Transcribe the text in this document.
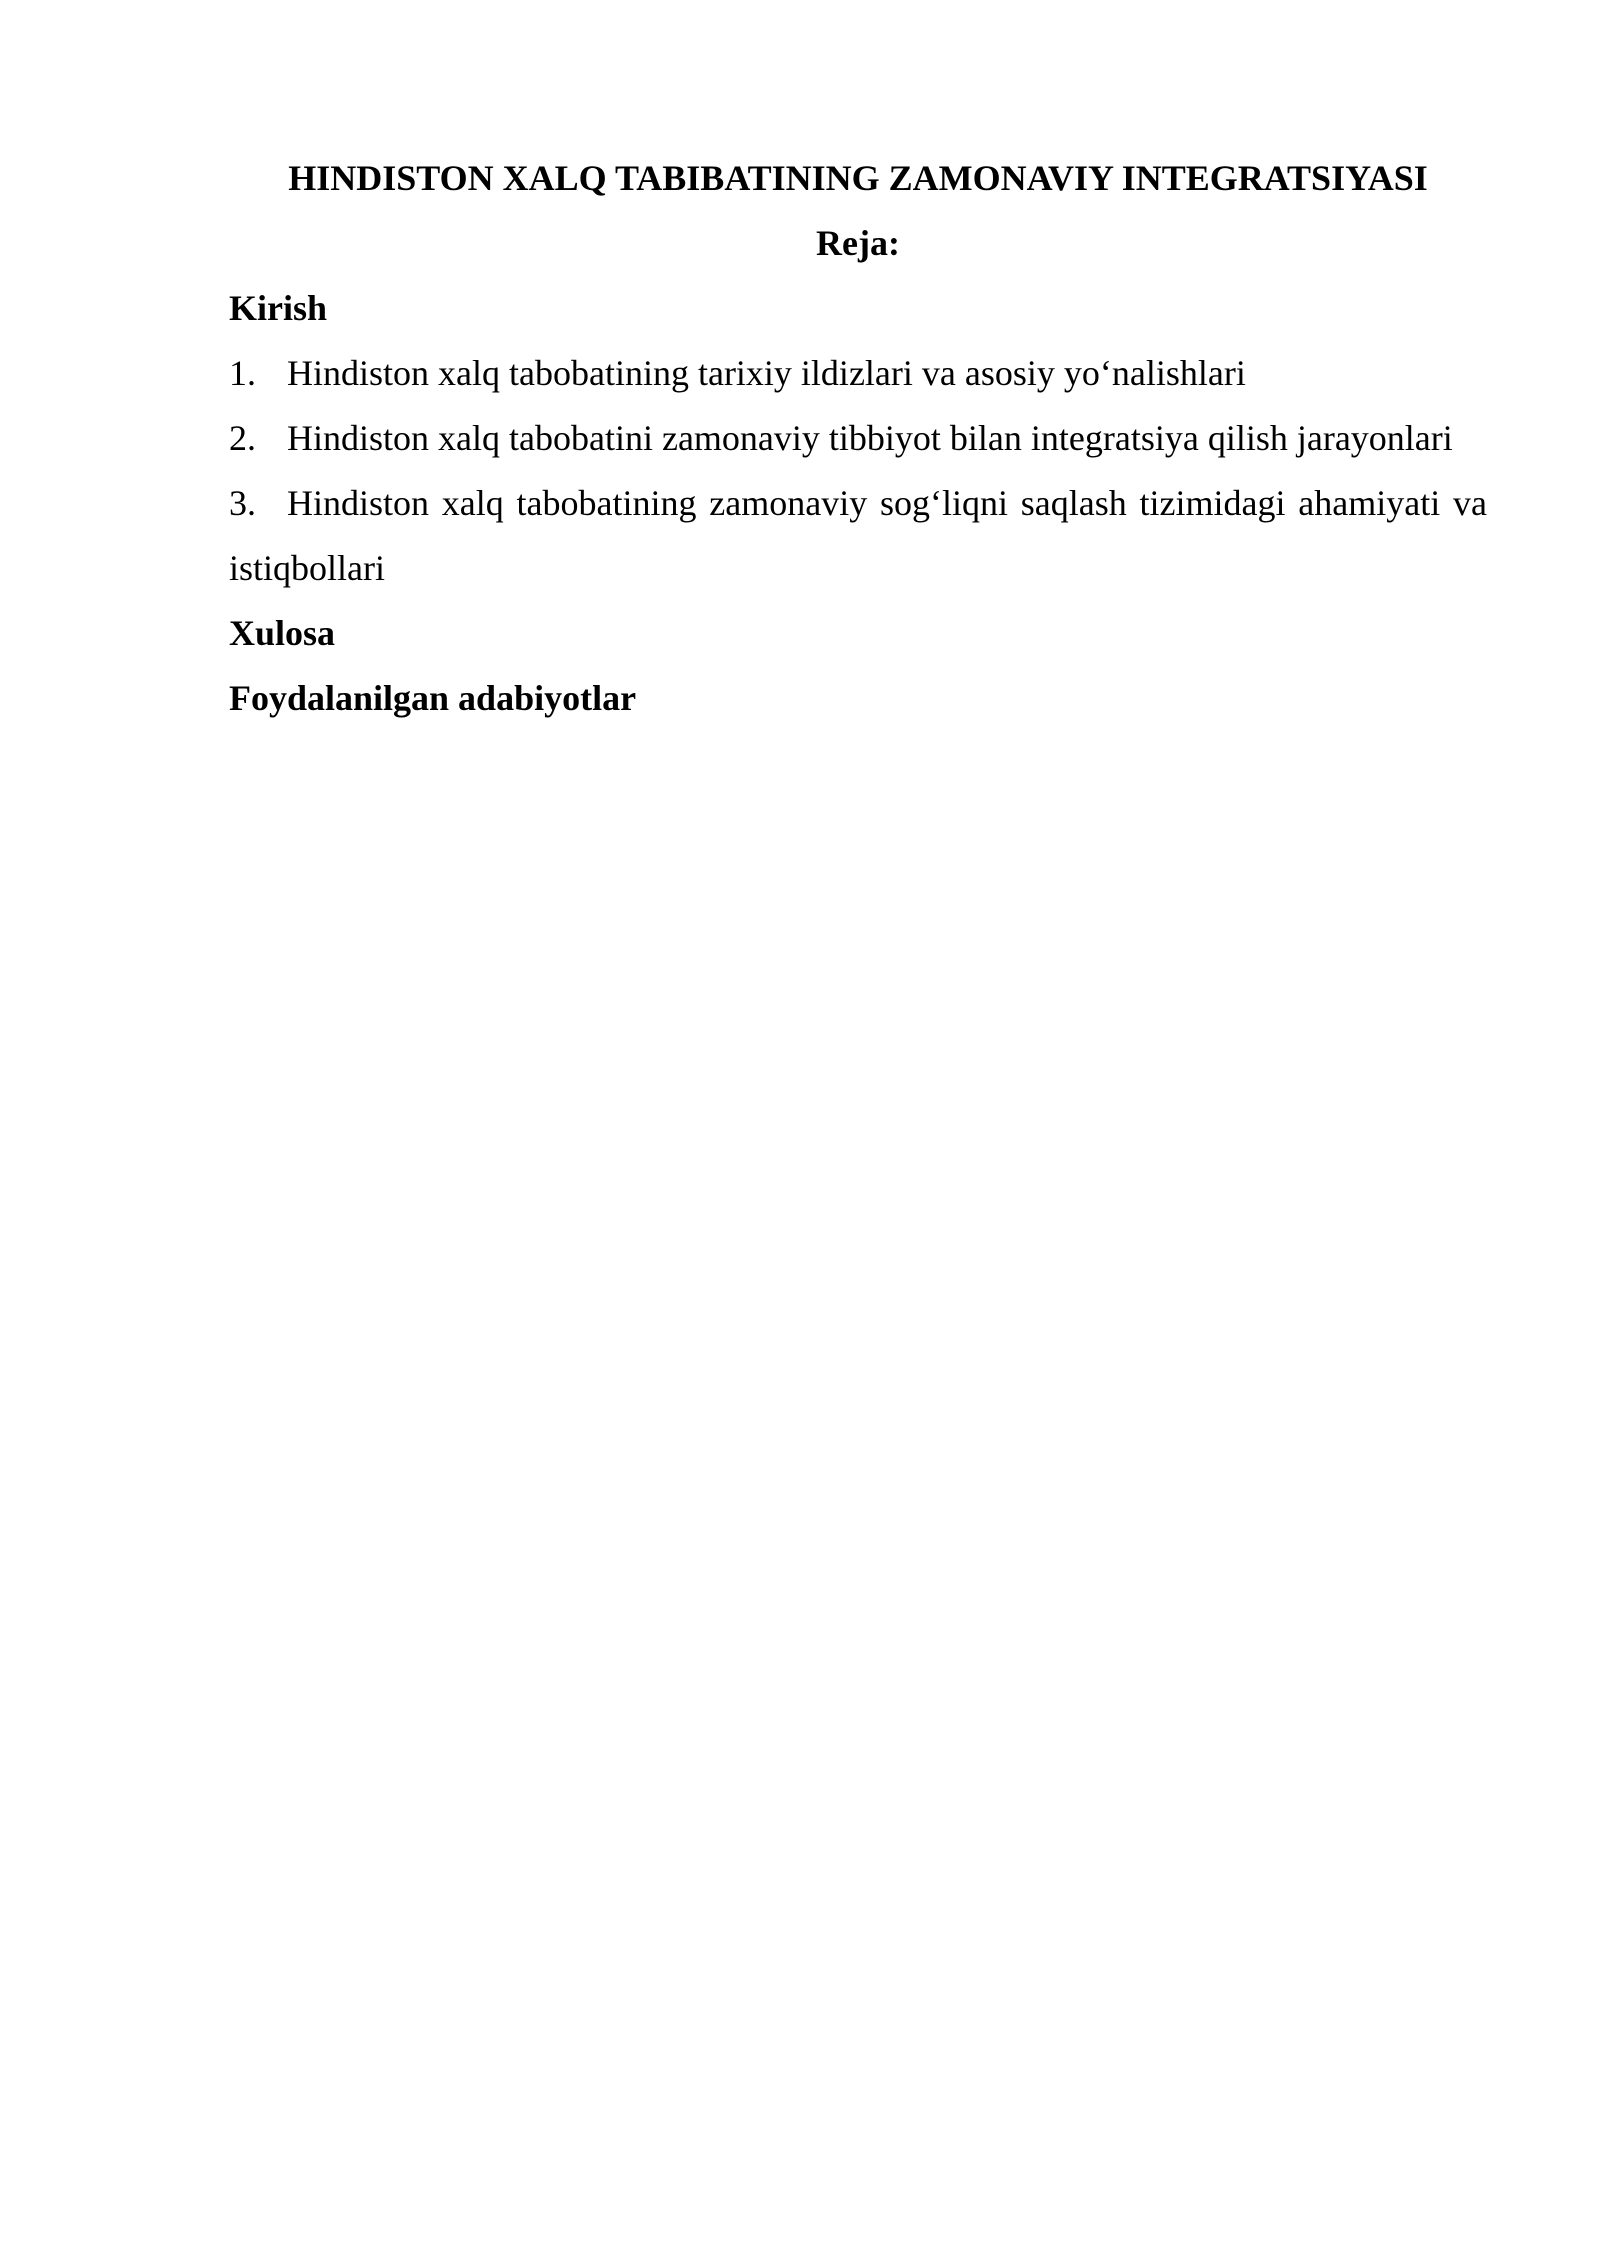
HINDISTON XALQ TABIBATINING ZAMONAVIY INTEGRATSIYASI

Reja:

Kirish

1. Hindiston xalq tabobatining tarixiy ildizlari va asosiy yo‘nalishlari

2. Hindiston xalq tabobatini zamonaviy tibbiyot bilan integratsiya qilish jarayonlari

3. Hindiston xalq tabobatining zamonaviy sog‘liqni saqlash tizimidagi ahamiyati va istiqbollari

Xulosa

Foydalanilgan adabiyotlar
